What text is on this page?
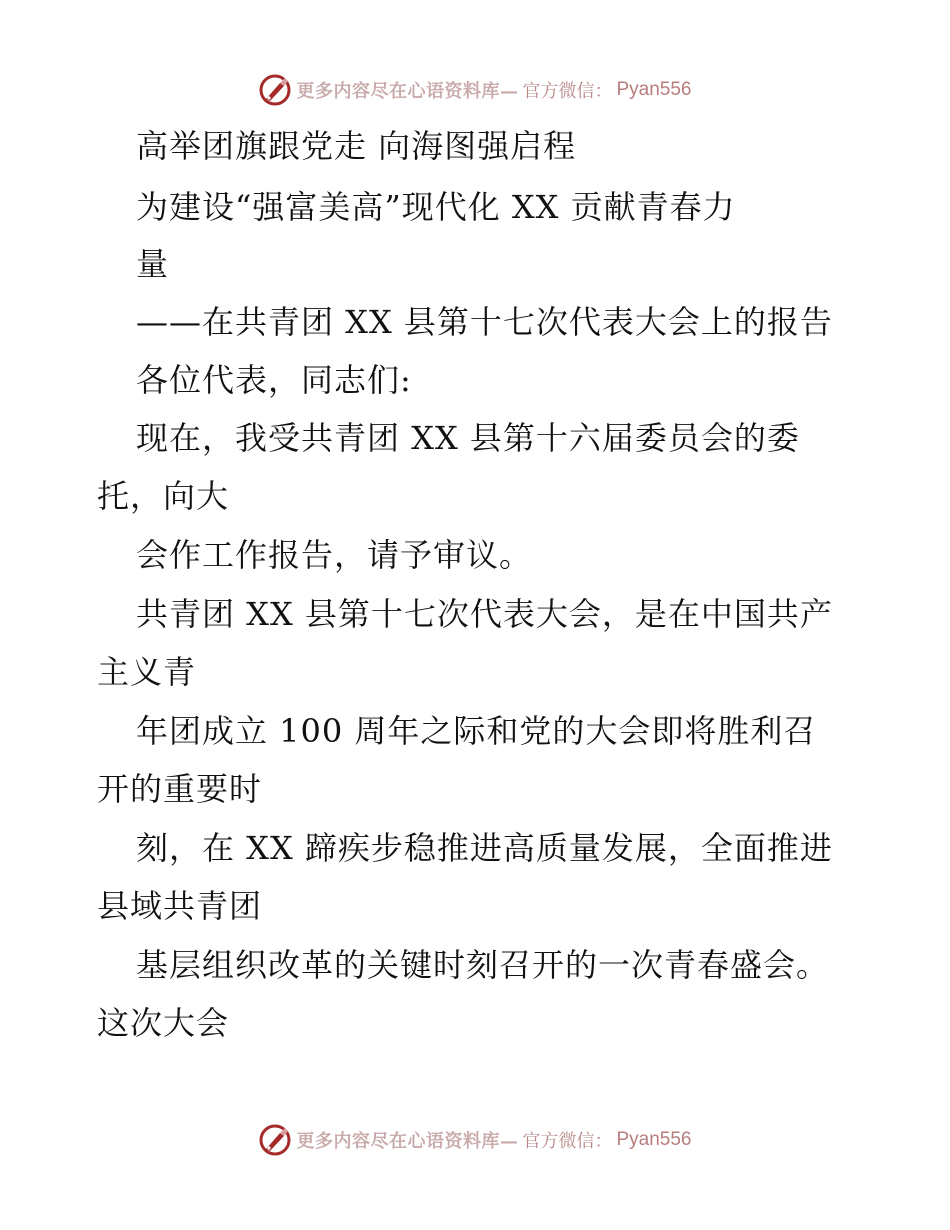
更多内容尽在心语资料库— 官方微信： Pyan556
高举团旗跟党走 向海图强启程
为建设“强富美高”现代化 XX 贡献青春力
量
——在共青团 XX 县第十七次代表大会上的报告
各位代表，同志们:
现在，我受共青团 XX 县第十六届委员会的委
托，向大
会作工作报告，请予审议。
共青团 XX 县第十七次代表大会，是在中国共产
主义青
年团成立 100 周年之际和党的大会即将胜利召
开的重要时
刻，在 XX 蹄疾步稳推进高质量发展，全面推进
县域共青团
基层组织改革的关键时刻召开的一次青春盛会。
这次大会
更多内容尽在心语资料库— 官方微信： Pyan556
